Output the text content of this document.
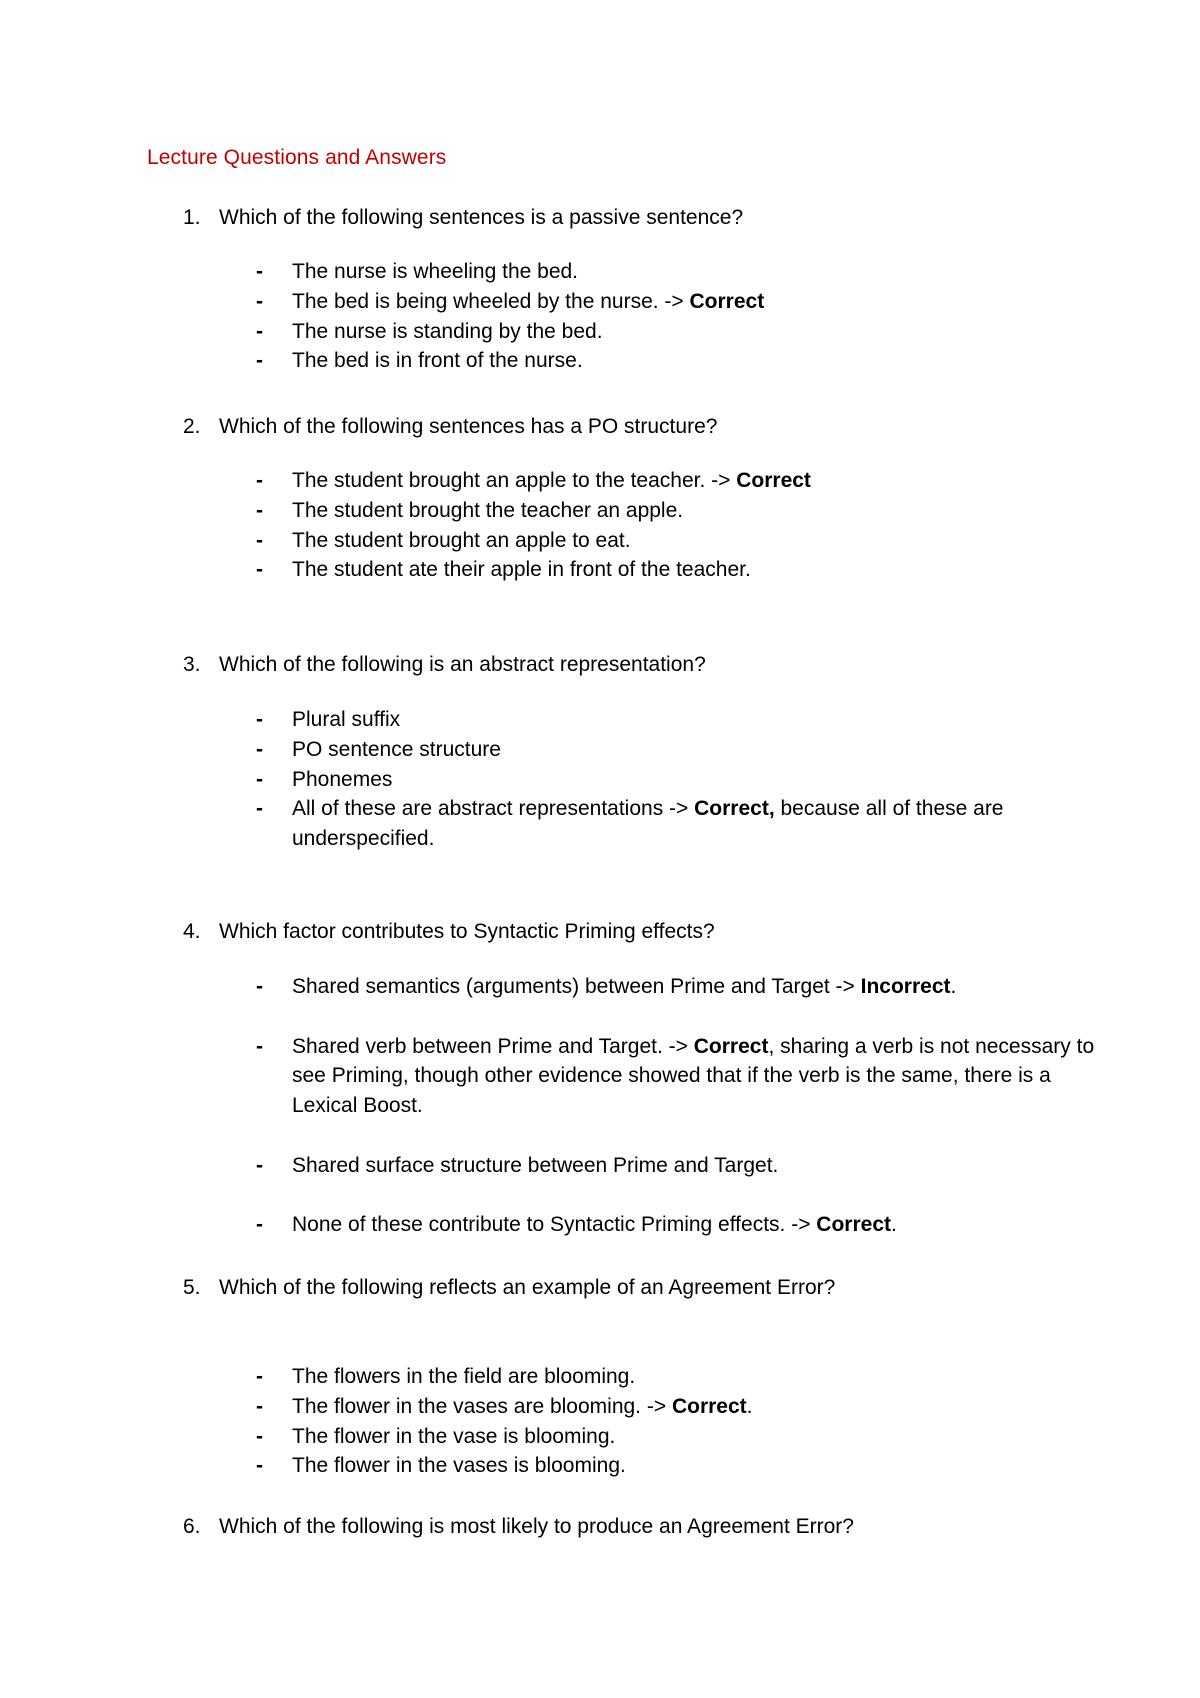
Lecture Questions and Answers
1. Which of the following sentences is a passive sentence?
- The nurse is wheeling the bed.
- The bed is being wheeled by the nurse. -> Correct
- The nurse is standing by the bed.
- The bed is in front of the nurse.
2. Which of the following sentences has a PO structure?
- The student brought an apple to the teacher. -> Correct
- The student brought the teacher an apple.
- The student brought an apple to eat.
- The student ate their apple in front of the teacher.
3. Which of the following is an abstract representation?
- Plural suffix
- PO sentence structure
- Phonemes
- All of these are abstract representations -> Correct, because all of these are underspecified.
4. Which factor contributes to Syntactic Priming effects?
- Shared semantics (arguments) between Prime and Target -> Incorrect.
- Shared verb between Prime and Target. -> Correct, sharing a verb is not necessary to see Priming, though other evidence showed that if the verb is the same, there is a Lexical Boost.
- Shared surface structure between Prime and Target.
- None of these contribute to Syntactic Priming effects. -> Correct.
5. Which of the following reflects an example of an Agreement Error?
- The flowers in the field are blooming.
- The flower in the vases are blooming. -> Correct.
- The flower in the vase is blooming.
- The flower in the vases is blooming.
6. Which of the following is most likely to produce an Agreement Error?
